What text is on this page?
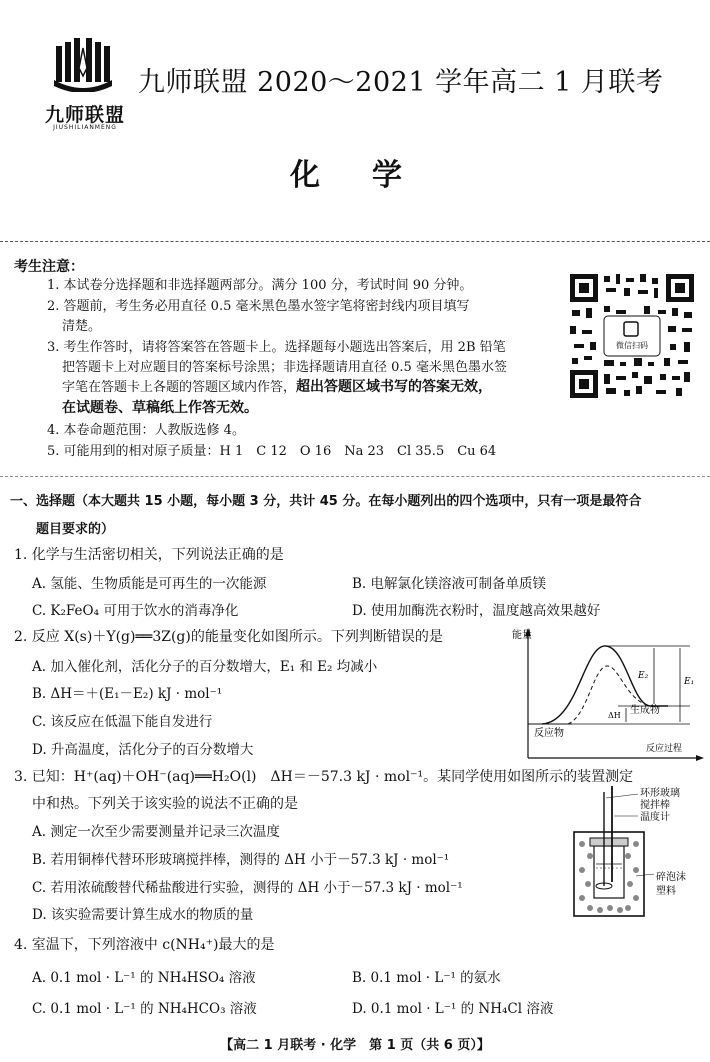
九师联盟
JIUSHILIANMENG
九师联盟 2020～2021 学年高二 1 月联考
化学
考生注意：
1. 本试卷分选择题和非选择题两部分。满分 100 分，考试时间 90 分钟。
2. 答题前，考生务必用直径 0.5 毫米黑色墨水签字笔将密封线内项目填写
清楚。
3. 考生作答时，请将答案答在答题卡上。选择题每小题选出答案后，用 2B 铅笔
把答题卡上对应题目的答案标号涂黑；非选择题请用直径 0.5 毫米黑色墨水签
字笔在答题卡上各题的答题区域内作答，超出答题区域书写的答案无效，
在试题卷、草稿纸上作答无效。
4. 本卷命题范围：人教版选修 4。
5. 可能用到的相对原子质量：H 1　C 12　O 16　Na 23　Cl 35.5　Cu 64
微信扫码
一、选择题（本大题共 15 小题，每小题 3 分，共计 45 分。在每小题列出的四个选项中，只有一项是最符合
题目要求的）
1. 化学与生活密切相关，下列说法正确的是
A. 氢能、生物质能是可再生的一次能源	B. 电解氯化镁溶液可制备单质镁
C. K₂FeO₄ 可用于饮水的消毒净化	D. 使用加酶洗衣粉时，温度越高效果越好
2. 反应 X(s)＋Y(g)══3Z(g)的能量变化如图所示。下列判断错误的是
A. 加入催化剂，活化分子的百分数增大，E₁ 和 E₂ 均减小
B. ΔH＝＋(E₁－E₂) kJ · mol⁻¹
C. 该反应在低温下能自发进行
D. 升高温度，活化分子的百分数增大
能量
反应过程
E₂
E₁
ΔH 生成物
反应物
3. 已知：H⁺(aq)＋OH⁻(aq)══H₂O(l)　ΔH＝－57.3 kJ · mol⁻¹。某同学使用如图所示的装置测定
中和热。下列关于该实验的说法不正确的是
A. 测定一次至少需要测量并记录三次温度
B. 若用铜棒代替环形玻璃搅拌棒，测得的 ΔH 小于－57.3 kJ · mol⁻¹
C. 若用浓硫酸替代稀盐酸进行实验，测得的 ΔH 小于－57.3 kJ · mol⁻¹
D. 该实验需要计算生成水的物质的量
环形玻璃
搅拌棒
温度计
碎泡沫
塑料
4. 室温下，下列溶液中 c(NH₄⁺)最大的是
A. 0.1 mol · L⁻¹ 的 NH₄HSO₄ 溶液	B. 0.1 mol · L⁻¹ 的氨水
C. 0.1 mol · L⁻¹ 的 NH₄HCO₃ 溶液	D. 0.1 mol · L⁻¹ 的 NH₄Cl 溶液
【高二 1 月联考 · 化学　第 1 页（共 6 页）】
